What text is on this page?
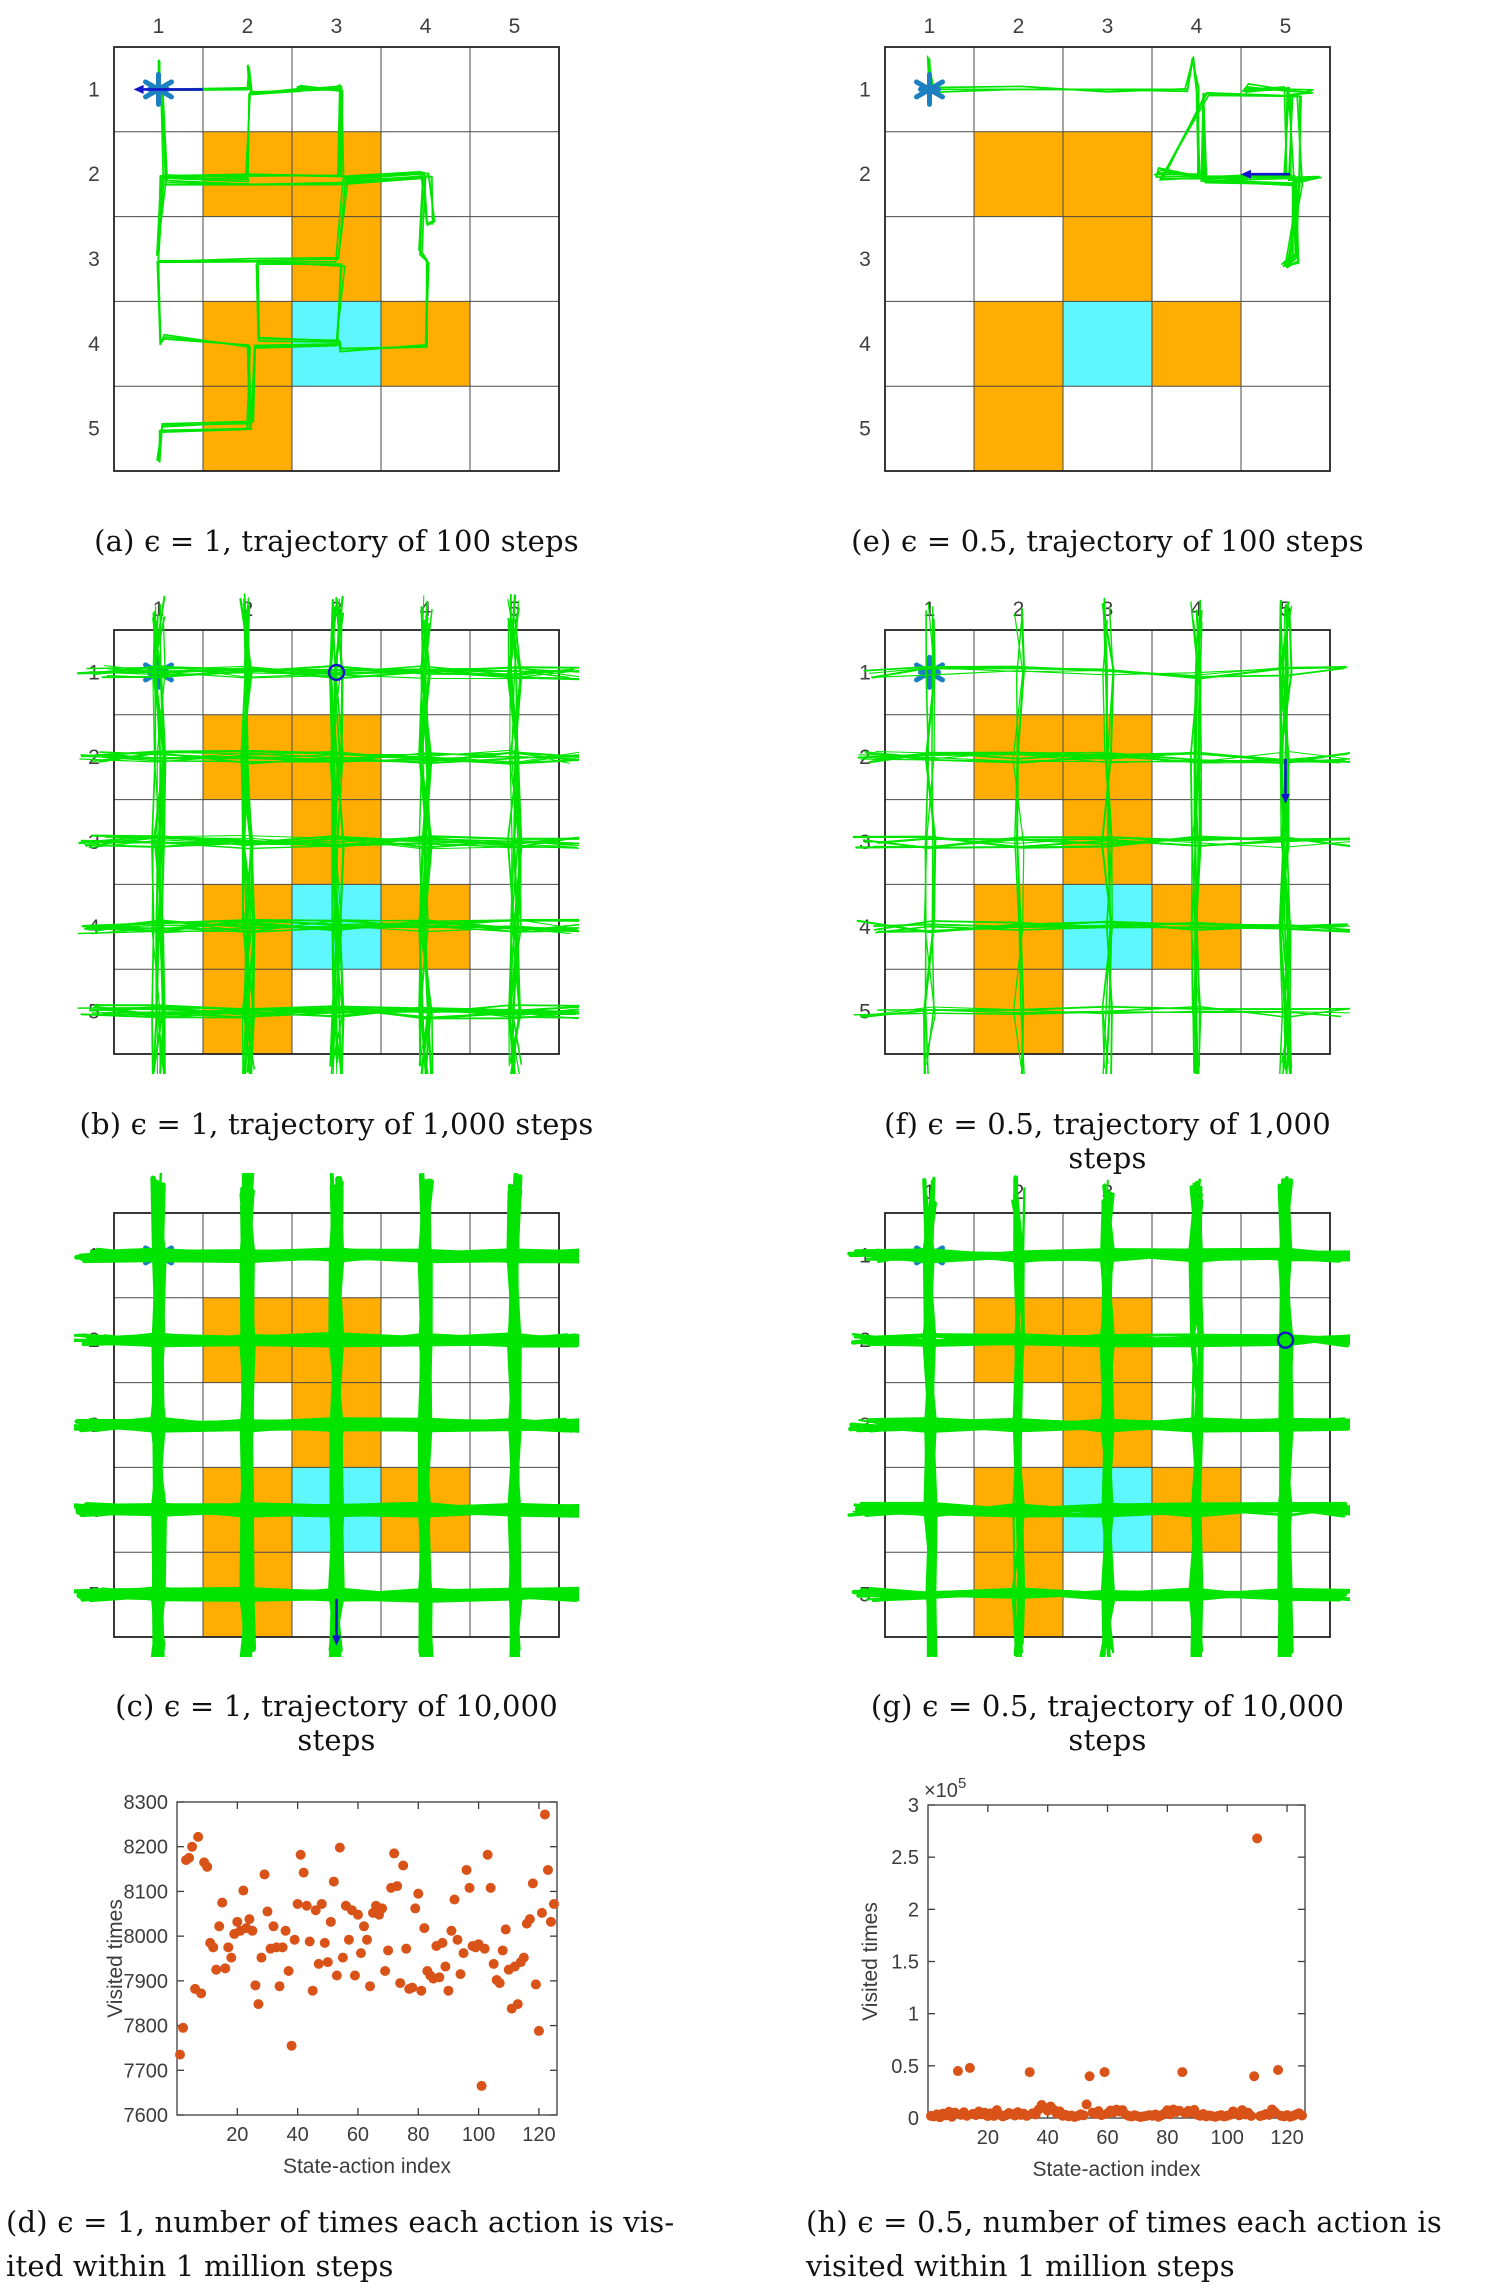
1	2	3	4	5
1
2
3
4
5
(a) ϵ = 1, trajectory of 100 steps
1	2	3	4	5
1
2
3
4
5
(e) ϵ = 0.5, trajectory of 100 steps
1	2	3	4	5
1
2
3
4
5
(b) ϵ = 1, trajectory of 1,000 steps
1	2	3	4	5
1
2
3
4
5
(f) ϵ = 0.5, trajectory of 1,000 steps
1	2	3	4	5
1
2
3
4
5
(c) ϵ = 1, trajectory of 10,000 steps
1	2	3	4	5
1
2
3
4
5
(g) ϵ = 0.5, trajectory of 10,000 steps
20 40 60 80 100 120
7600
7700
7800
7900
8000
8100
8200
8300
State-action index
Visited times
(d) ϵ = 1, number of times each action is vis-
ited within 1 million steps
20 40 60 80 100 120
0
0.5
1
1.5
2
2.5
3
State-action index
Visited times
$\times 10^5$
(h) ϵ = 0.5, number of times each action is
visited within 1 million steps
